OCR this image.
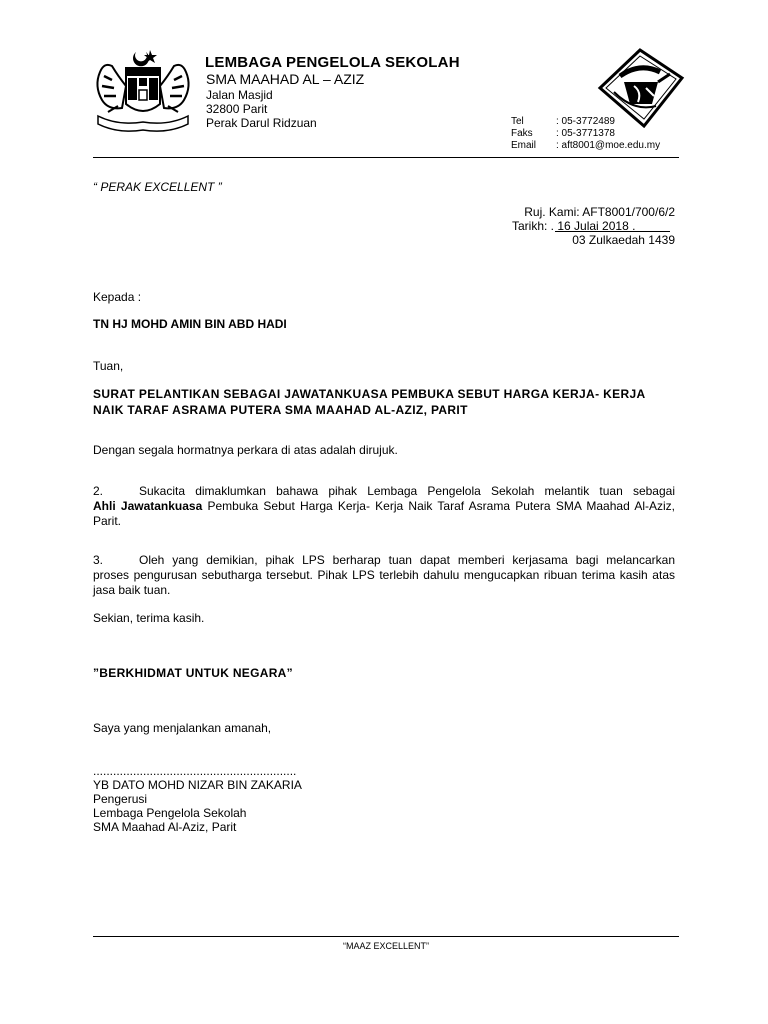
LEMBAGA PENGELOLA SEKOLAH
SMA MAAHAD AL – AZIZ
Jalan Masjid
32800 Parit
Perak Darul Ridzuan	Tel	: 05-3772489
Faks : 05-3771378
Email : aft8001@moe.edu.my
“ PERAK EXCELLENT ”
Ruj. Kami: AFT8001/700/6/2
Tarikh: . 16 Julai 2018 .
03 Zulkaedah 1439
Kepada :
TN HJ MOHD AMIN BIN ABD HADI
Tuan,
SURAT PELANTIKAN SEBAGAI JAWATANKUASA PEMBUKA SEBUT HARGA KERJA- KERJA NAIK TARAF ASRAMA PUTERA SMA MAAHAD AL-AZIZ, PARIT
Dengan segala hormatnya perkara di atas adalah dirujuk.
2.	Sukacita dimaklumkan bahawa pihak Lembaga Pengelola Sekolah melantik tuan sebagai
Ahli Jawatankuasa Pembuka Sebut Harga Kerja- Kerja Naik Taraf Asrama Putera SMA Maahad Al-Aziz, Parit.
3.	Oleh yang demikian, pihak LPS berharap tuan dapat memberi kerjasama bagi melancarkan
proses pengurusan sebutharga tersebut. Pihak LPS terlebih dahulu mengucapkan ribuan terima kasih atas jasa baik tuan.
Sekian, terima kasih.
”BERKHIDMAT UNTUK NEGARA”
Saya yang menjalankan amanah,
.............................................................
YB DATO MOHD NIZAR BIN ZAKARIA
Pengerusi
Lembaga Pengelola Sekolah
SMA Maahad Al-Aziz, Parit
“MAAZ EXCELLENT”
